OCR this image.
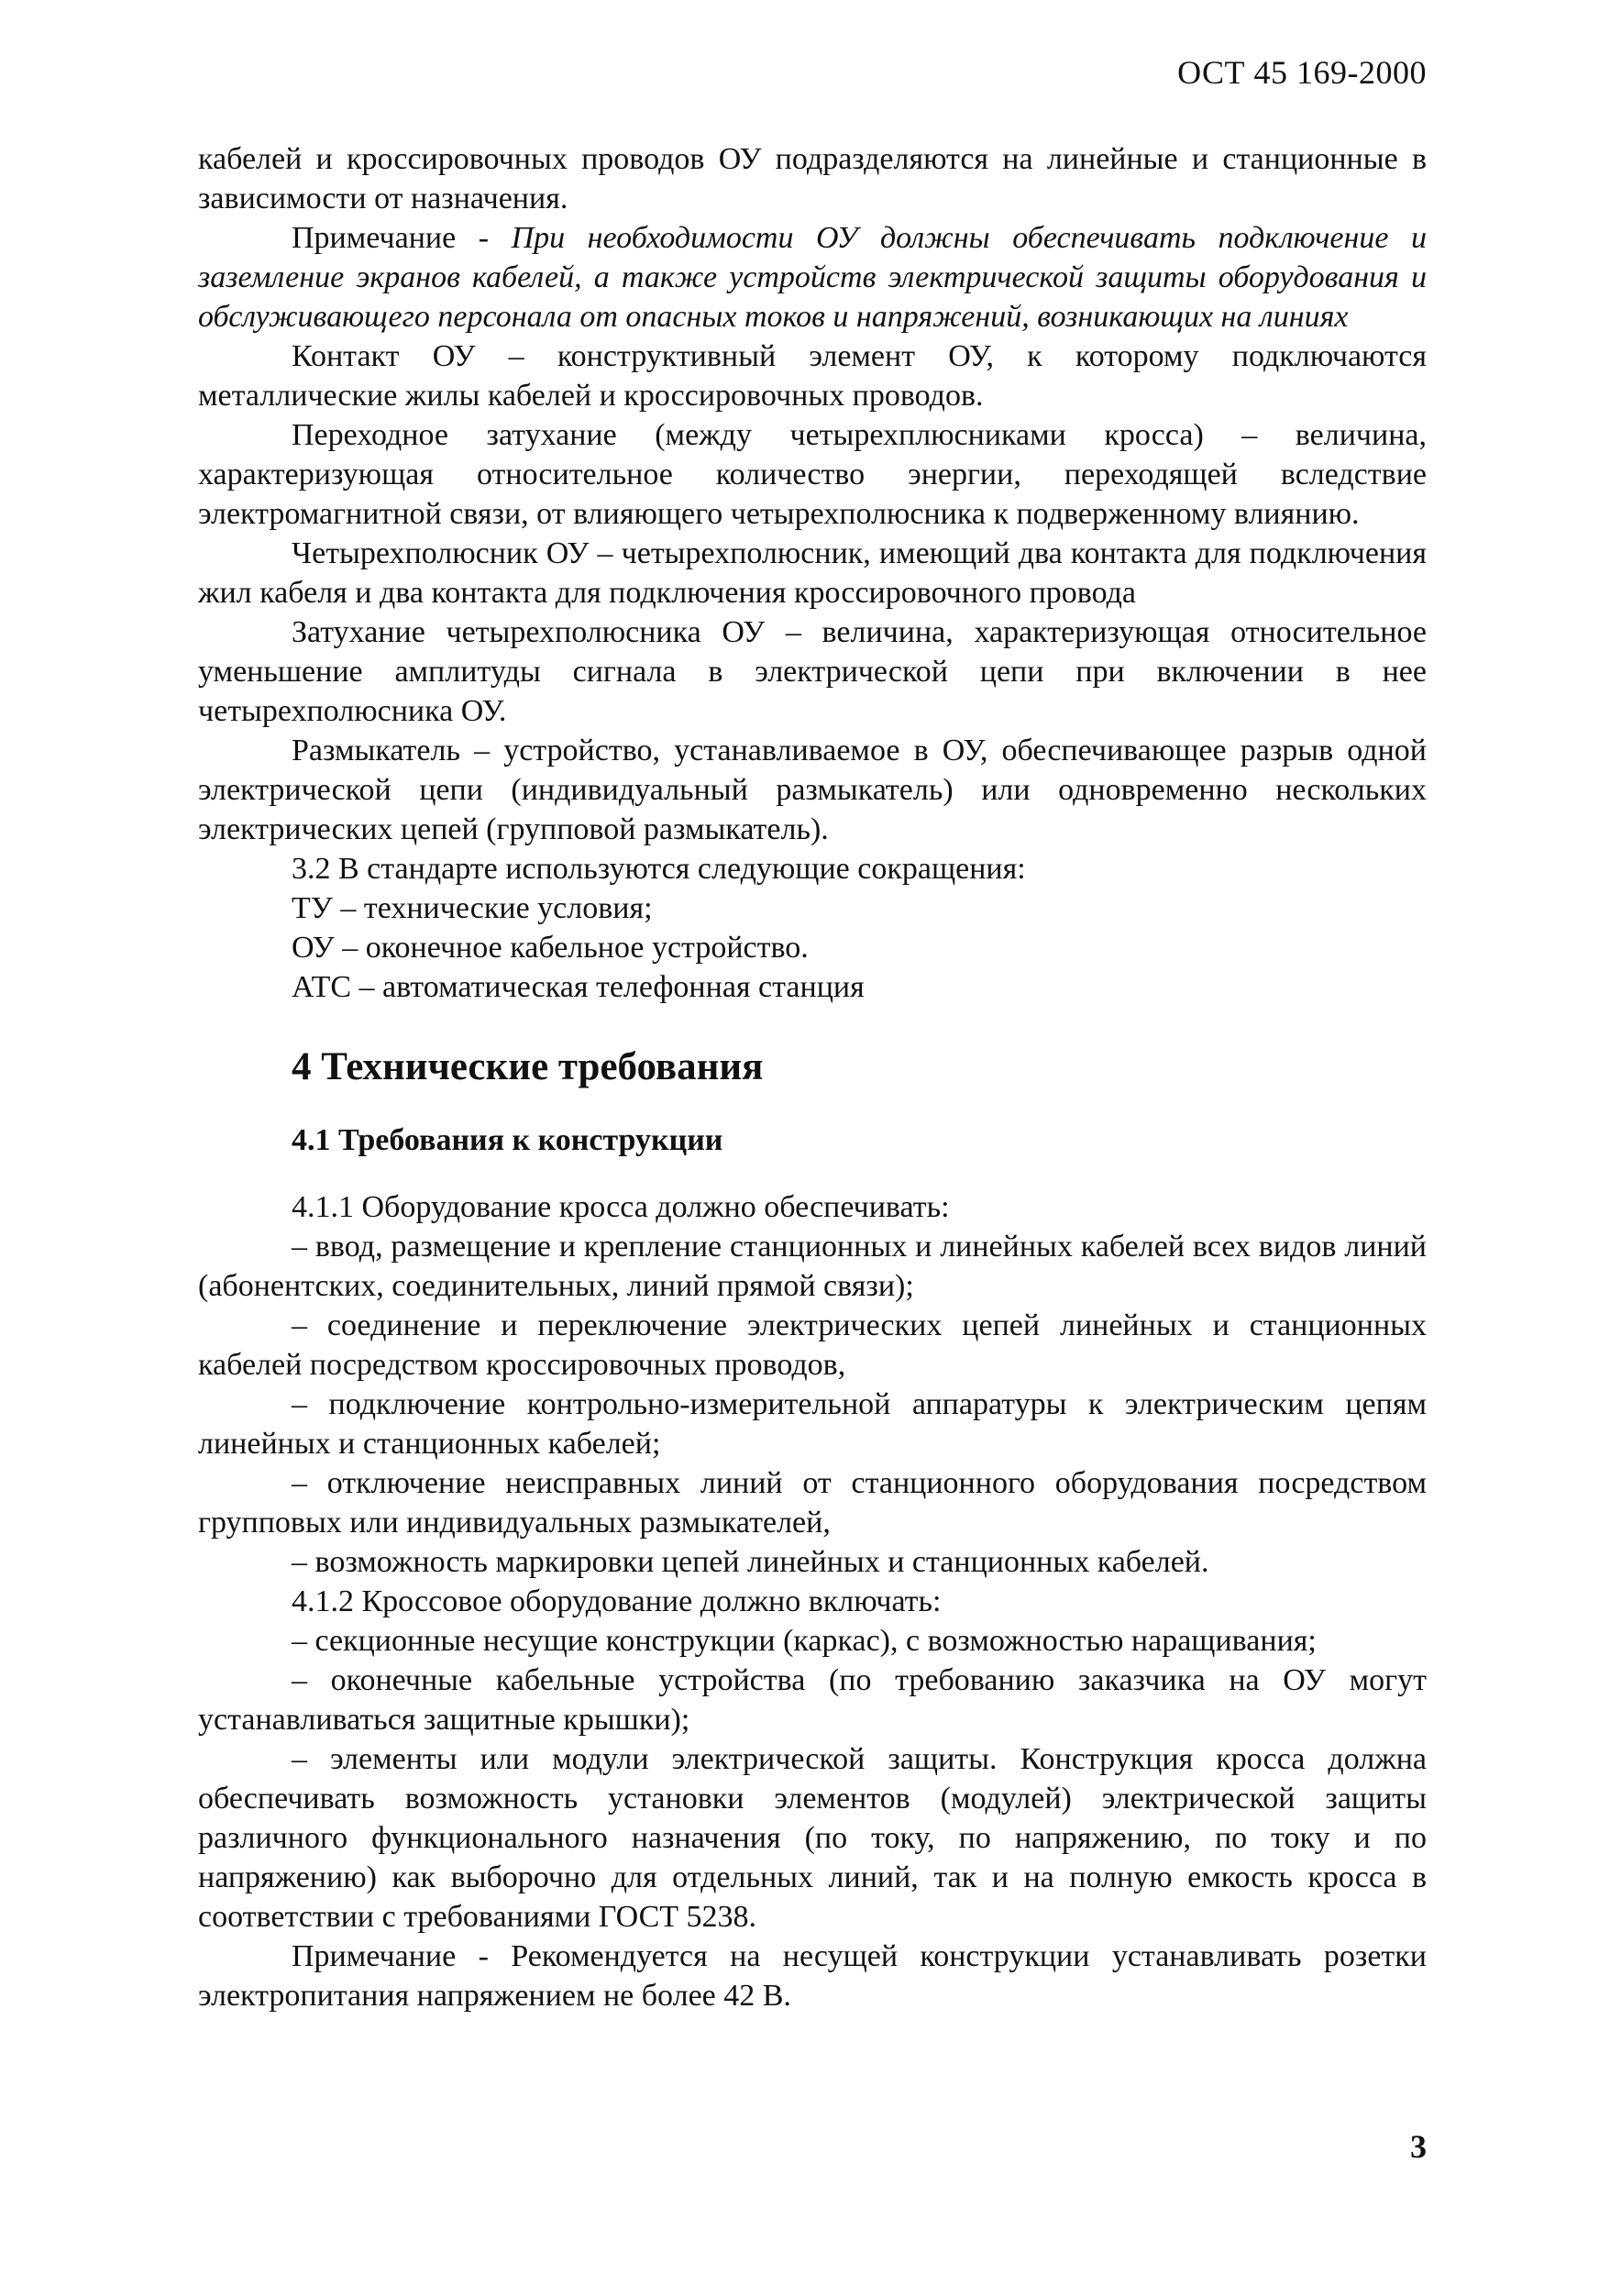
ОСТ 45 169-2000

кабелей и кроссировочных проводов ОУ подразделяются на линейные и станционные в зависимости от назначения.

Примечание - При необходимости ОУ должны обеспечивать подключение и заземление экранов кабелей, а также устройств электрической защиты оборудования и обслуживающего персонала от опасных токов и напряжений, возникающих на линиях

Контакт ОУ – конструктивный элемент ОУ, к которому подключаются металлические жилы кабелей и кроссировочных проводов.

Переходное затухание (между четырехплюсниками кросса) – величина, характеризующая относительное количество энергии, переходящей вследствие электромагнитной связи, от влияющего четырехполюсника к подверженному влиянию.

Четырехполюсник ОУ – четырехполюсник, имеющий два контакта для подключения жил кабеля и два контакта для подключения кроссировочного провода

Затухание четырехполюсника ОУ – величина, характеризующая относительное уменьшение амплитуды сигнала в электрической цепи при включении в нее четырехполюсника ОУ.

Размыкатель – устройство, устанавливаемое в ОУ, обеспечивающее разрыв одной электрической цепи (индивидуальный размыкатель) или одновременно нескольких электрических цепей (групповой размыкатель).

3.2 В стандарте используются следующие сокращения:

ТУ – технические условия;

ОУ – оконечное кабельное устройство.

АТС – автоматическая телефонная станция

4 Технические требования
4.1 Требования к конструкции

4.1.1 Оборудование кросса должно обеспечивать:

– ввод, размещение и крепление станционных и линейных кабелей всех видов линий (абонентских, соединительных, линий прямой связи);

– соединение и переключение электрических цепей линейных и станционных кабелей посредством кроссировочных проводов,

– подключение контрольно-измерительной аппаратуры к электрическим цепям линейных и станционных кабелей;

– отключение неисправных линий от станционного оборудования посредством групповых или индивидуальных размыкателей,

– возможность маркировки цепей линейных и станционных кабелей.

4.1.2 Кроссовое оборудование должно включать:

– секционные несущие конструкции (каркас), с возможностью наращивания;

– оконечные кабельные устройства (по требованию заказчика на ОУ могут устанавливаться защитные крышки);

– элементы или модули электрической защиты. Конструкция кросса должна обеспечивать возможность установки элементов (модулей) электрической защиты различного функционального назначения (по току, по напряжению, по току и по напряжению) как выборочно для отдельных линий, так и на полную емкость кросса в соответствии с требованиями ГОСТ 5238.

Примечание - Рекомендуется на несущей конструкции устанавливать розетки электропитания напряжением не более 42 В.

3
